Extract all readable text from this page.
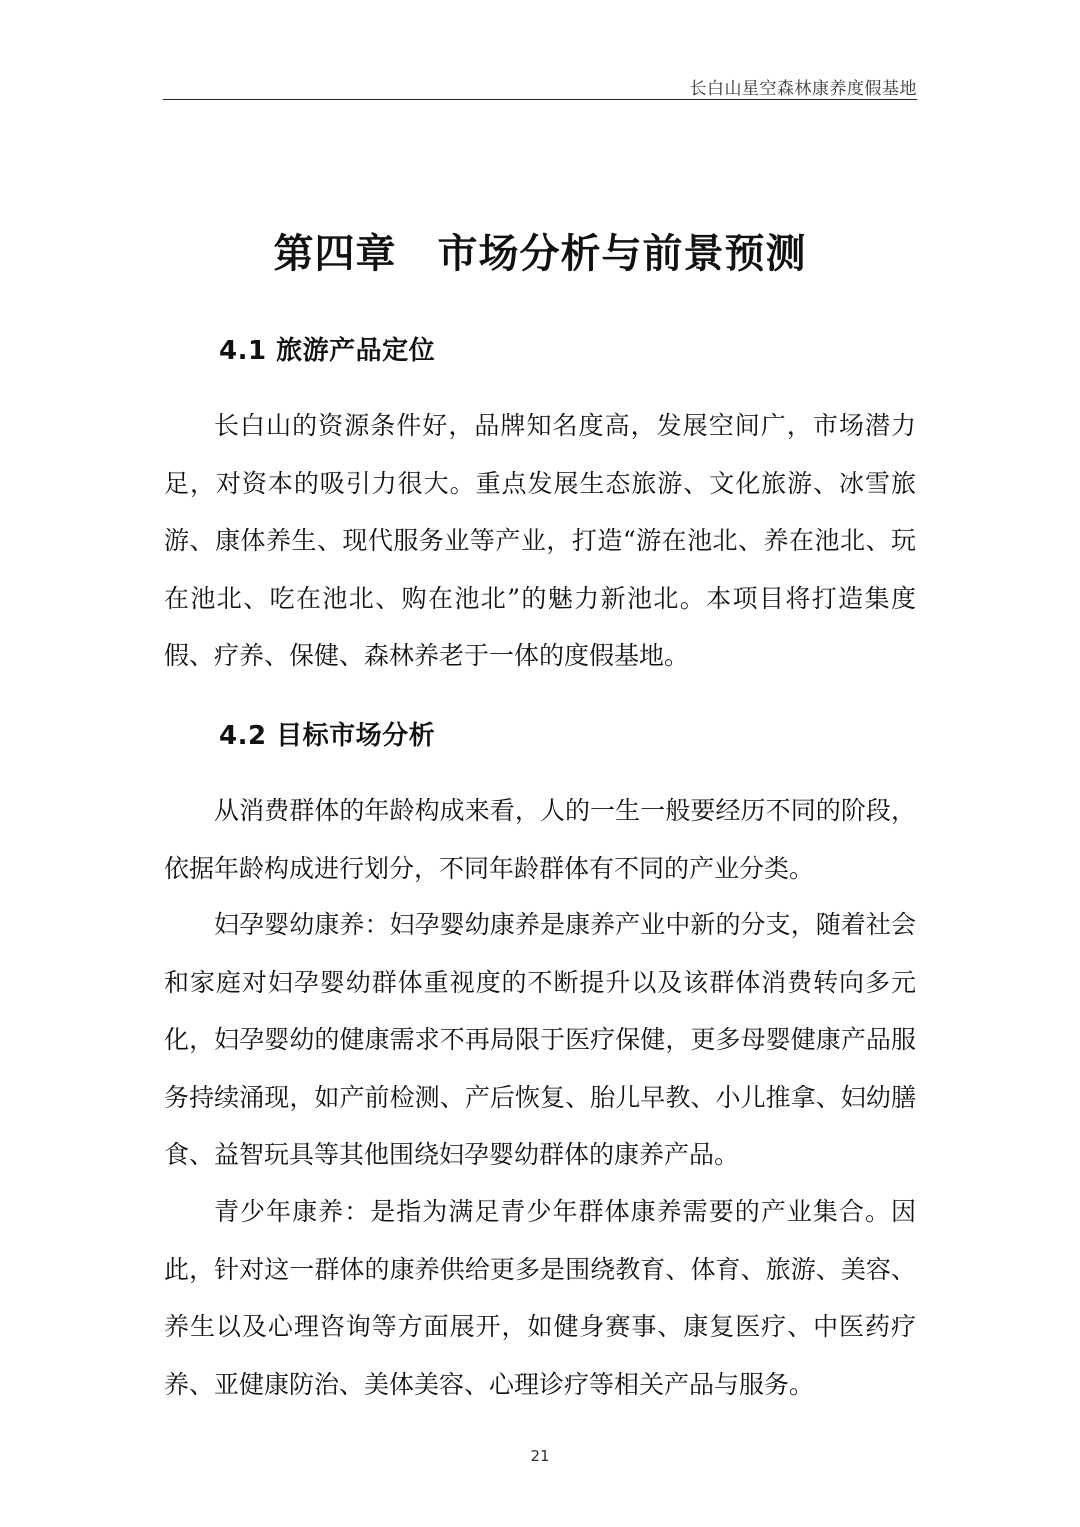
长白山星空森林康养度假基地
第四章　市场分析与前景预测
4.1 旅游产品定位

长白山的资源条件好，品牌知名度高，发展空间广，市场潜力足，对资本的吸引力很大。重点发展生态旅游、文化旅游、冰雪旅游、康体养生、现代服务业等产业，打造“游在池北、养在池北、玩在池北、吃在池北、购在池北”的魅力新池北。本项目将打造集度假、疗养、保健、森林养老于一体的度假基地。

4.2 目标市场分析

从消费群体的年龄构成来看，人的一生一般要经历不同的阶段，依据年龄构成进行划分，不同年龄群体有不同的产业分类。

妇孕婴幼康养：妇孕婴幼康养是康养产业中新的分支，随着社会和家庭对妇孕婴幼群体重视度的不断提升以及该群体消费转向多元化，妇孕婴幼的健康需求不再局限于医疗保健，更多母婴健康产品服务持续涌现，如产前检测、产后恢复、胎儿早教、小儿推拿、妇幼膳食、益智玩具等其他围绕妇孕婴幼群体的康养产品。

青少年康养：是指为满足青少年群体康养需要的产业集合。因此，针对这一群体的康养供给更多是围绕教育、体育、旅游、美容、养生以及心理咨询等方面展开，如健身赛事、康复医疗、中医药疗养、亚健康防治、美体美容、心理诊疗等相关产品与服务。

21
